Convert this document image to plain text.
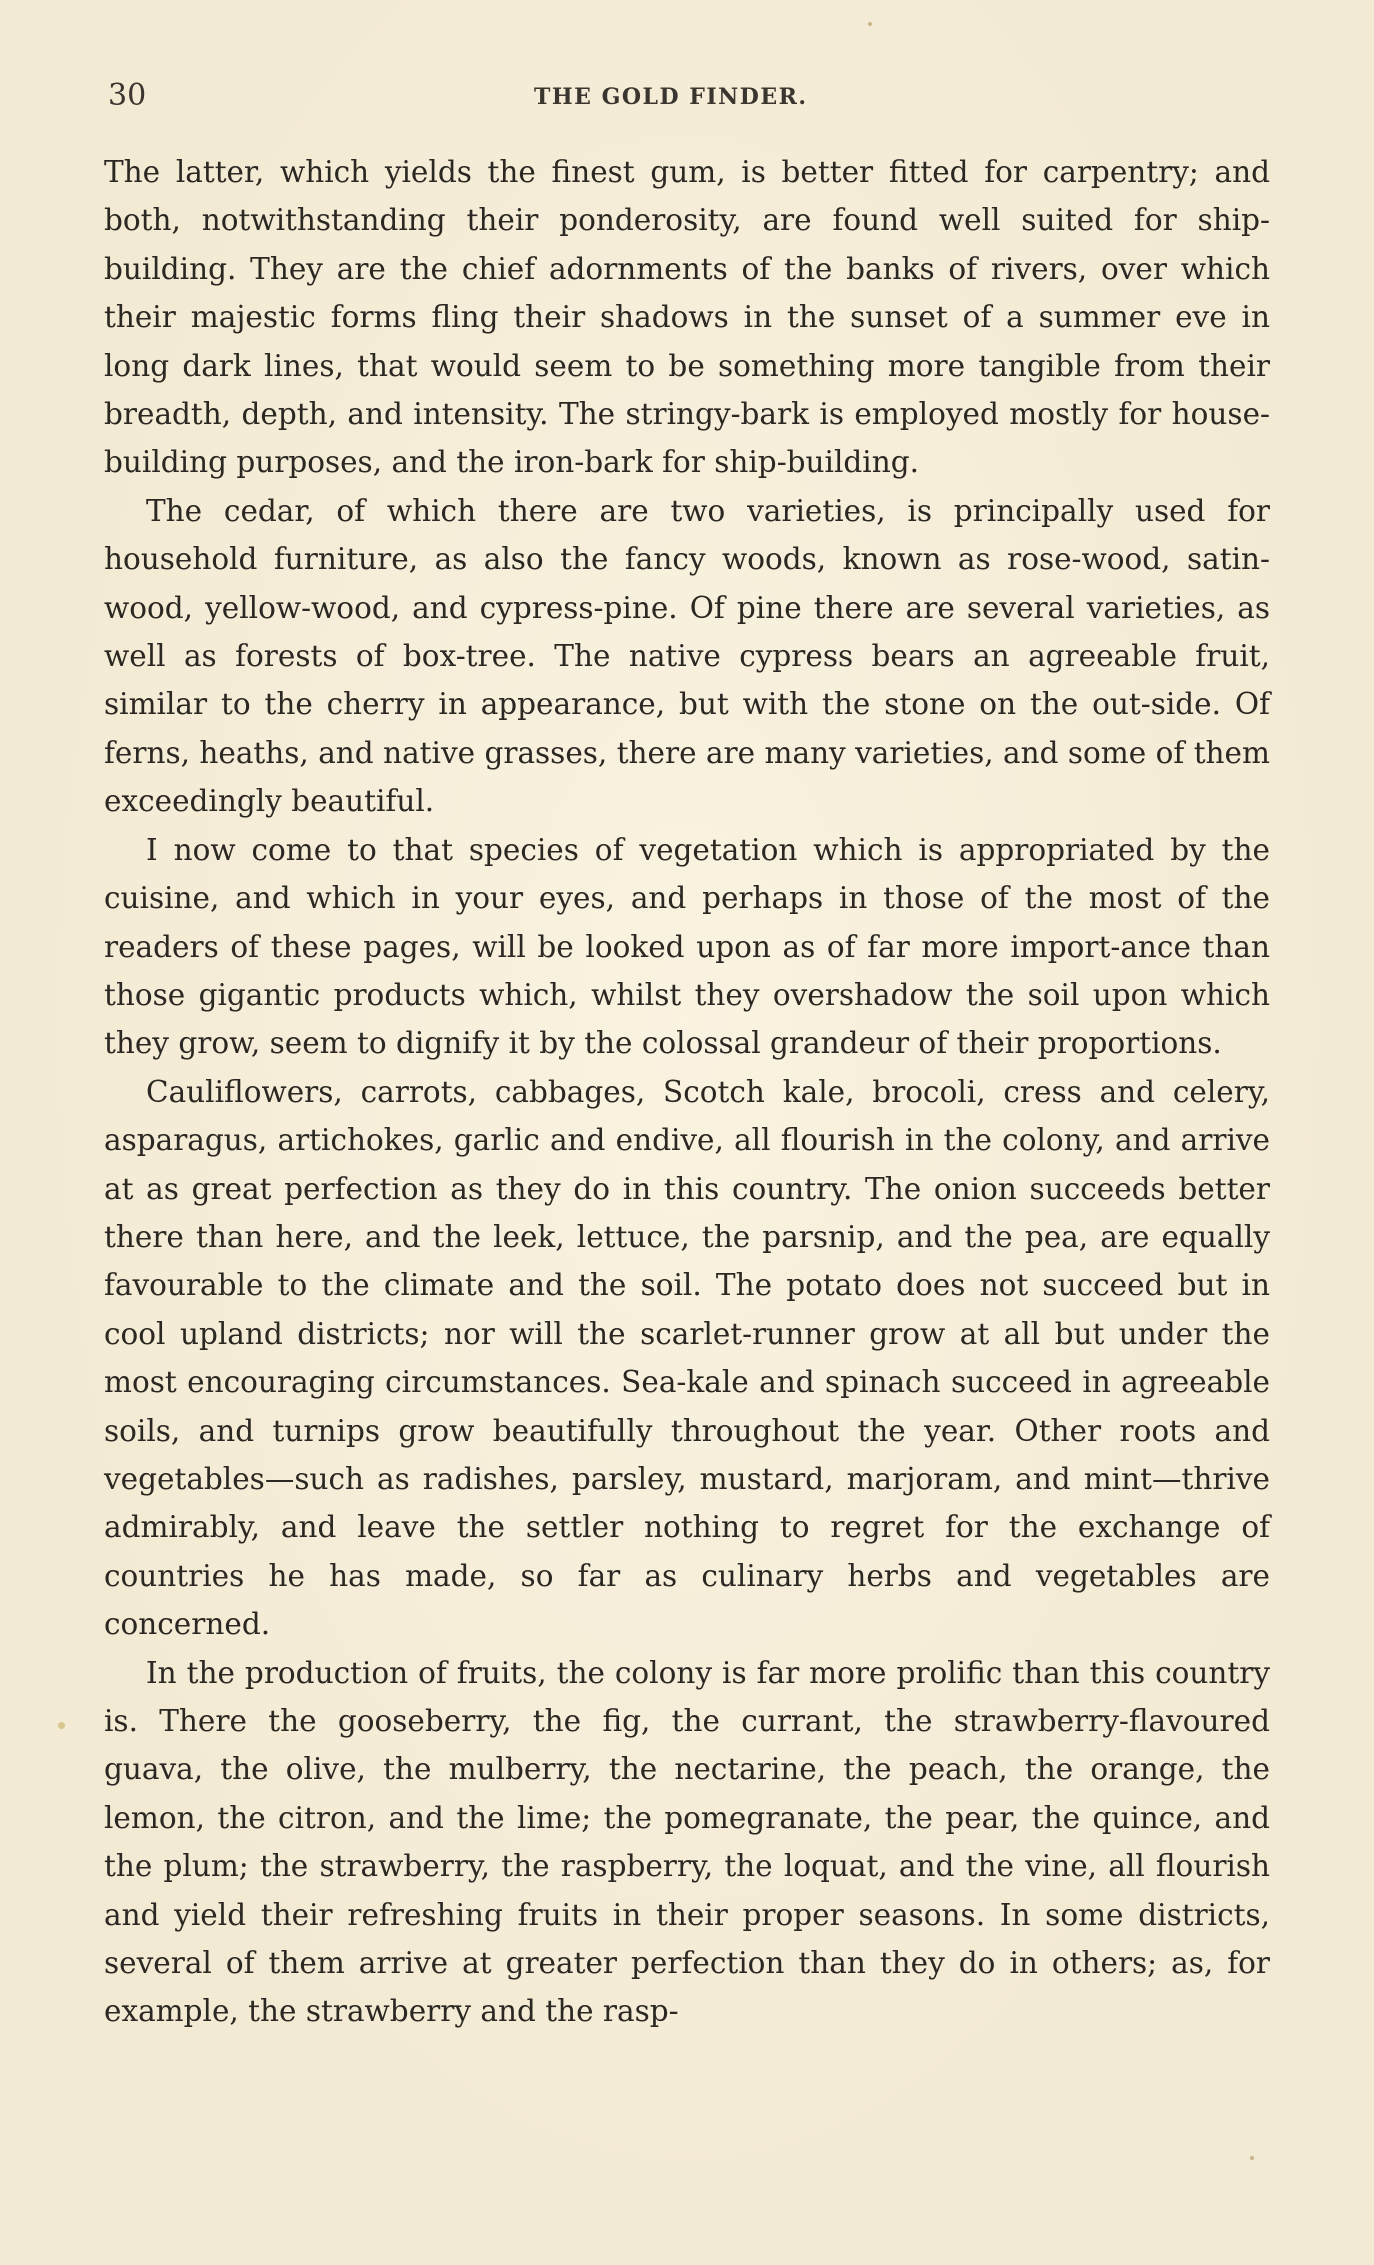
30	THE GOLD FINDER.

The latter, which yields the finest gum, is better fitted for carpentry; and both, notwithstanding their ponderosity, are found well suited for ship-building. They are the chief adornments of the banks of rivers, over which their majestic forms fling their shadows in the sunset of a summer eve in long dark lines, that would seem to be something more tangible from their breadth, depth, and intensity. The stringy-bark is employed mostly for house-building purposes, and the iron-bark for ship-building.

The cedar, of which there are two varieties, is principally used for household furniture, as also the fancy woods, known as rose-wood, satin-wood, yellow-wood, and cypress-pine. Of pine there are several varieties, as well as forests of box-tree. The native cypress bears an agreeable fruit, similar to the cherry in appearance, but with the stone on the out-side. Of ferns, heaths, and native grasses, there are many varieties, and some of them exceedingly beautiful.

I now come to that species of vegetation which is appropriated by the cuisine, and which in your eyes, and perhaps in those of the most of the readers of these pages, will be looked upon as of far more import-ance than those gigantic products which, whilst they overshadow the soil upon which they grow, seem to dignify it by the colossal grandeur of their proportions.

Cauliflowers, carrots, cabbages, Scotch kale, brocoli, cress and celery, asparagus, artichokes, garlic and endive, all flourish in the colony, and arrive at as great perfection as they do in this country. The onion succeeds better there than here, and the leek, lettuce, the parsnip, and the pea, are equally favourable to the climate and the soil. The potato does not succeed but in cool upland districts; nor will the scarlet-runner grow at all but under the most encouraging circumstances. Sea-kale and spinach succeed in agreeable soils, and turnips grow beautifully throughout the year. Other roots and vegetables—such as radishes, parsley, mustard, marjoram, and mint—thrive admirably, and leave the settler nothing to regret for the exchange of countries he has made, so far as culinary herbs and vegetables are concerned.

In the production of fruits, the colony is far more prolific than this country is. There the gooseberry, the fig, the currant, the strawberry-flavoured guava, the olive, the mulberry, the nectarine, the peach, the orange, the lemon, the citron, and the lime; the pomegranate, the pear, the quince, and the plum; the strawberry, the raspberry, the loquat, and the vine, all flourish and yield their refreshing fruits in their proper seasons. In some districts, several of them arrive at greater perfection than they do in others; as, for example, the strawberry and the rasp-
